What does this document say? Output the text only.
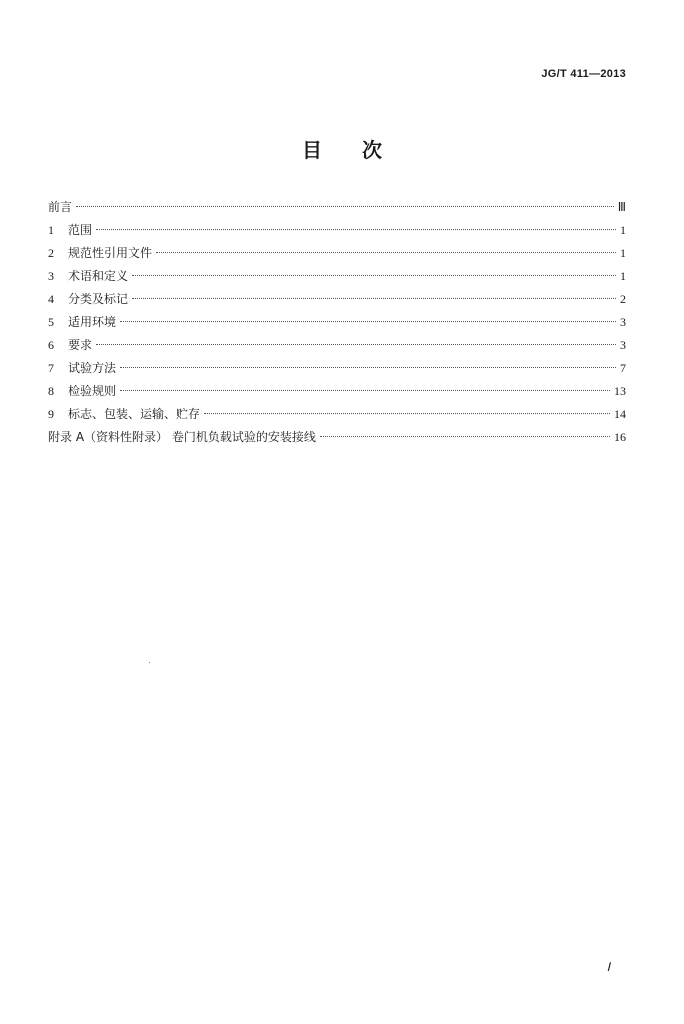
JG/T 411—2013
目 次
前言	Ⅲ
1 范围	1
2 规范性引用文件	1
3 术语和定义	1
4 分类及标记	2
5 适用环境	3
6 要求	3
7 试验方法	7
8 检验规则	13
9 标志、包装、运输、贮存	14
附录 A（资料性附录） 卷门机负载试验的安装接线	16
Ⅰ
